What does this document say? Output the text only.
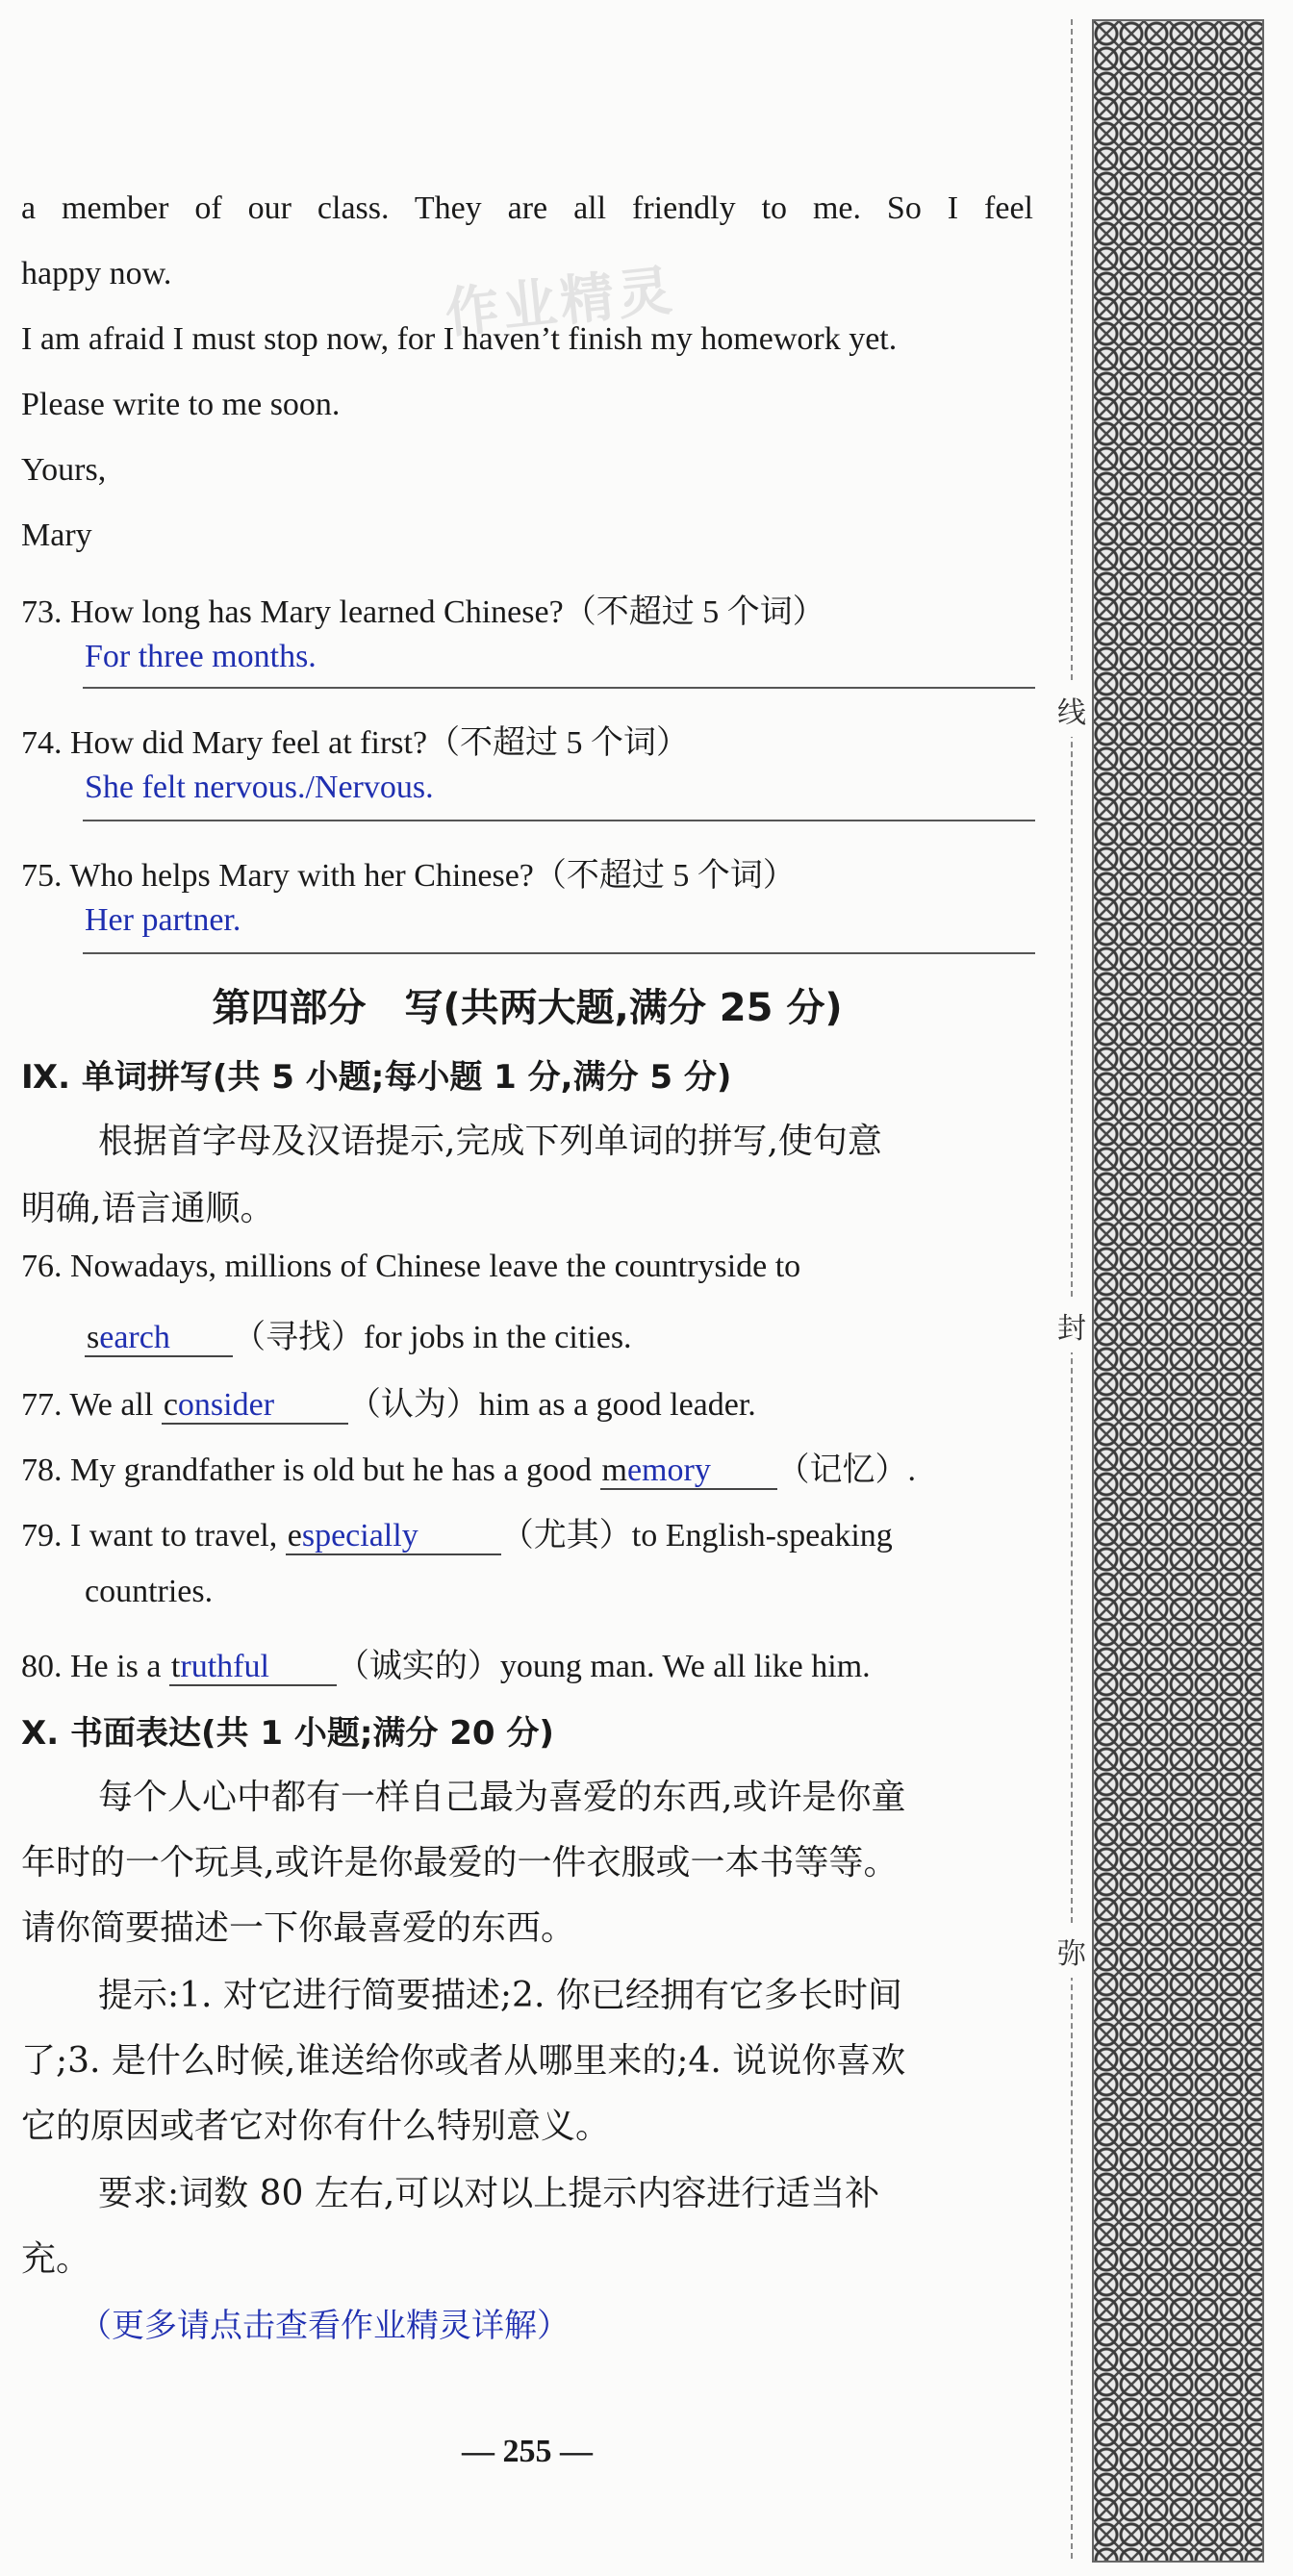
a member of our class. They are all friendly to me. So I feel
happy now.
I am afraid I must stop now, for I haven’t finish my homework yet.
Please write to me soon.
Yours,
Mary
作业精灵
73. How long has Mary learned Chinese?（不超过 5 个词）
For three months.
74. How did Mary feel at first?（不超过 5 个词）
She felt nervous./Nervous.
75. Who helps Mary with her Chinese?（不超过 5 个词）
Her partner.
第四部分　写(共两大题,满分 25 分)
Ⅸ. 单词拼写(共 5 小题;每小题 1 分,满分 5 分)
根据首字母及汉语提示,完成下列单词的拼写,使句意
明确,语言通顺。
76. Nowadays, millions of Chinese leave the countryside to
search （寻找）for jobs in the cities.
77. We all consider （认为）him as a good leader.
78. My grandfather is old but he has a good memory （记忆）.
79. I want to travel, especially	（尤其）to English-speaking
countries.
80. He is a truthful （诚实的）young man. We all like him.
Ⅹ. 书面表达(共 1 小题;满分 20 分)
每个人心中都有一样自己最为喜爱的东西,或许是你童
年时的一个玩具,或许是你最爱的一件衣服或一本书等等。
请你简要描述一下你最喜爱的东西。
提示:1. 对它进行简要描述;2. 你已经拥有它多长时间
了;3. 是什么时候,谁送给你或者从哪里来的;4. 说说你喜欢
它的原因或者它对你有什么特别意义。
要求:词数 80 左右,可以对以上提示内容进行适当补
充。
（更多请点击查看作业精灵详解）
— 255 —
线
封
弥
